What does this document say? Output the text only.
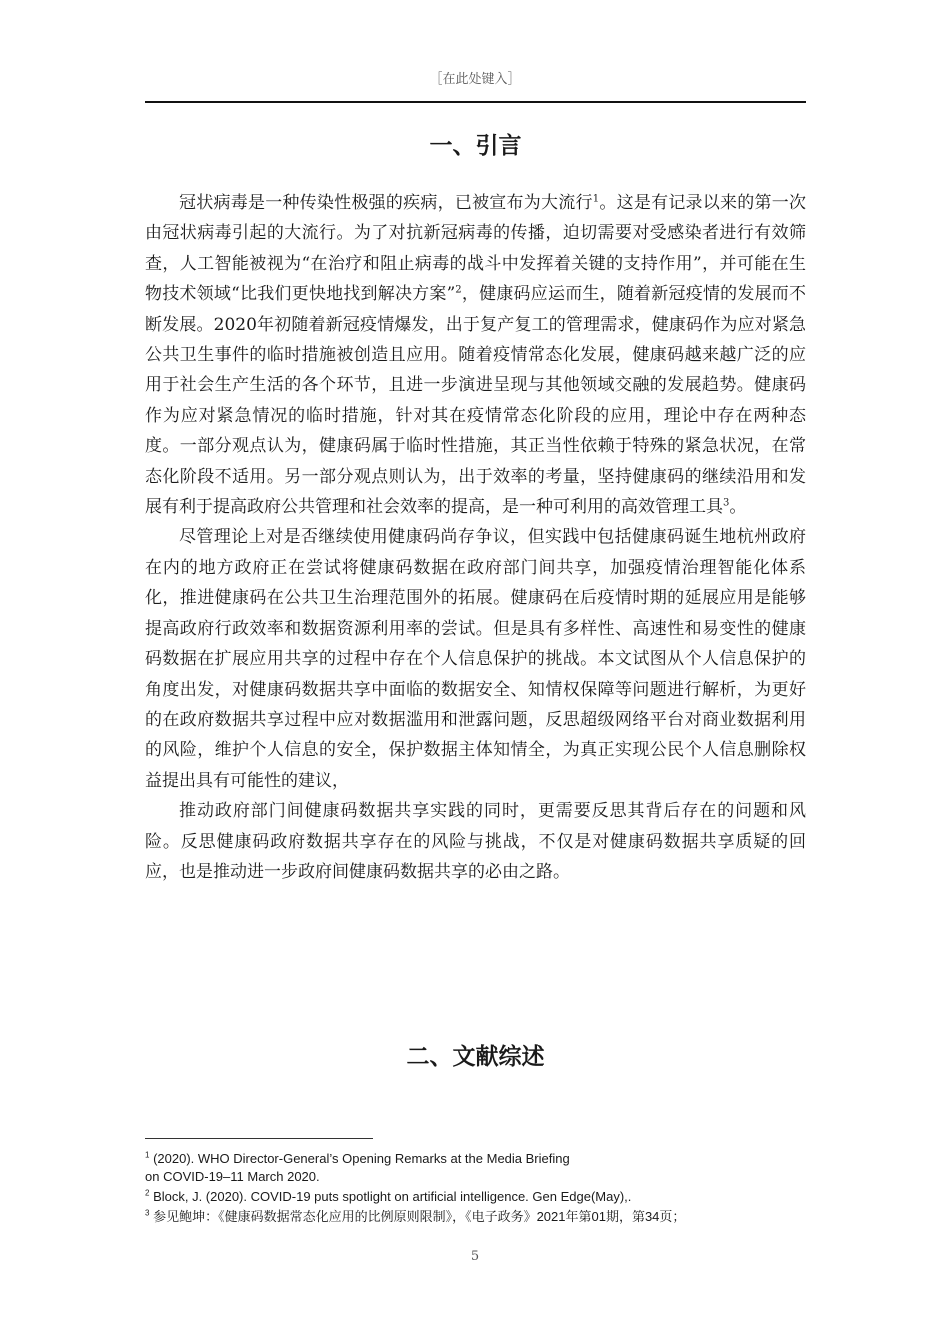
［在此处键入］
一、引言

冠状病毒是一种传染性极强的疾病，已被宣布为大流行$^1$。这是有记录以来的第一次由冠状病毒引起的大流行。为了对抗新冠病毒的传播，迫切需要对受感染者进行有效筛查，人工智能被视为“在治疗和阻止病毒的战斗中发挥着关键的支持作用”，并可能在生物技术领域“比我们更快地找到解决方案”$^2$，健康码应运而生，随着新冠疫情的发展而不断发展。2020年初随着新冠疫情爆发，出于复产复工的管理需求，健康码作为应对紧急公共卫生事件的临时措施被创造且应用。随着疫情常态化发展，健康码越来越广泛的应用于社会生产生活的各个环节，且进一步演进呈现与其他领域交融的发展趋势。健康码作为应对紧急情况的临时措施，针对其在疫情常态化阶段的应用，理论中存在两种态度。一部分观点认为，健康码属于临时性措施，其正当性依赖于特殊的紧急状况，在常态化阶段不适用。另一部分观点则认为，出于效率的考量，坚持健康码的继续沿用和发展有利于提高政府公共管理和社会效率的提高，是一种可利用的高效管理工具$^3$。

尽管理论上对是否继续使用健康码尚存争议，但实践中包括健康码诞生地杭州政府在内的地方政府正在尝试将健康码数据在政府部门间共享，加强疫情治理智能化体系化，推进健康码在公共卫生治理范围外的拓展。健康码在后疫情时期的延展应用是能够提高政府行政效率和数据资源利用率的尝试。但是具有多样性、高速性和易变性的健康码数据在扩展应用共享的过程中存在个人信息保护的挑战。本文试图从个人信息保护的角度出发，对健康码数据共享中面临的数据安全、知情权保障等问题进行解析，为更好的在政府数据共享过程中应对数据滥用和泄露问题，反思超级网络平台对商业数据利用的风险，维护个人信息的安全，保护数据主体知情全，为真正实现公民个人信息删除权益提出具有可能性的建议，

推动政府部门间健康码数据共享实践的同时，更需要反思其背后存在的问题和风险。反思健康码政府数据共享存在的风险与挑战，不仅是对健康码数据共享质疑的回应，也是推动进一步政府间健康码数据共享的必由之路。

二、文献综述
$^1$ (2020). WHO Director-General’s Opening Remarks at the Media Briefing
on COVID-19–11 March 2020.
$^2$ Block, J. (2020). COVID-19 puts spotlight on artificial intelligence. Gen Edge(May),.
$^3$ 参见鲍坤：《健康码数据常态化应用的比例原则限制》，《电子政务》2021年第01期，第34页；
5
